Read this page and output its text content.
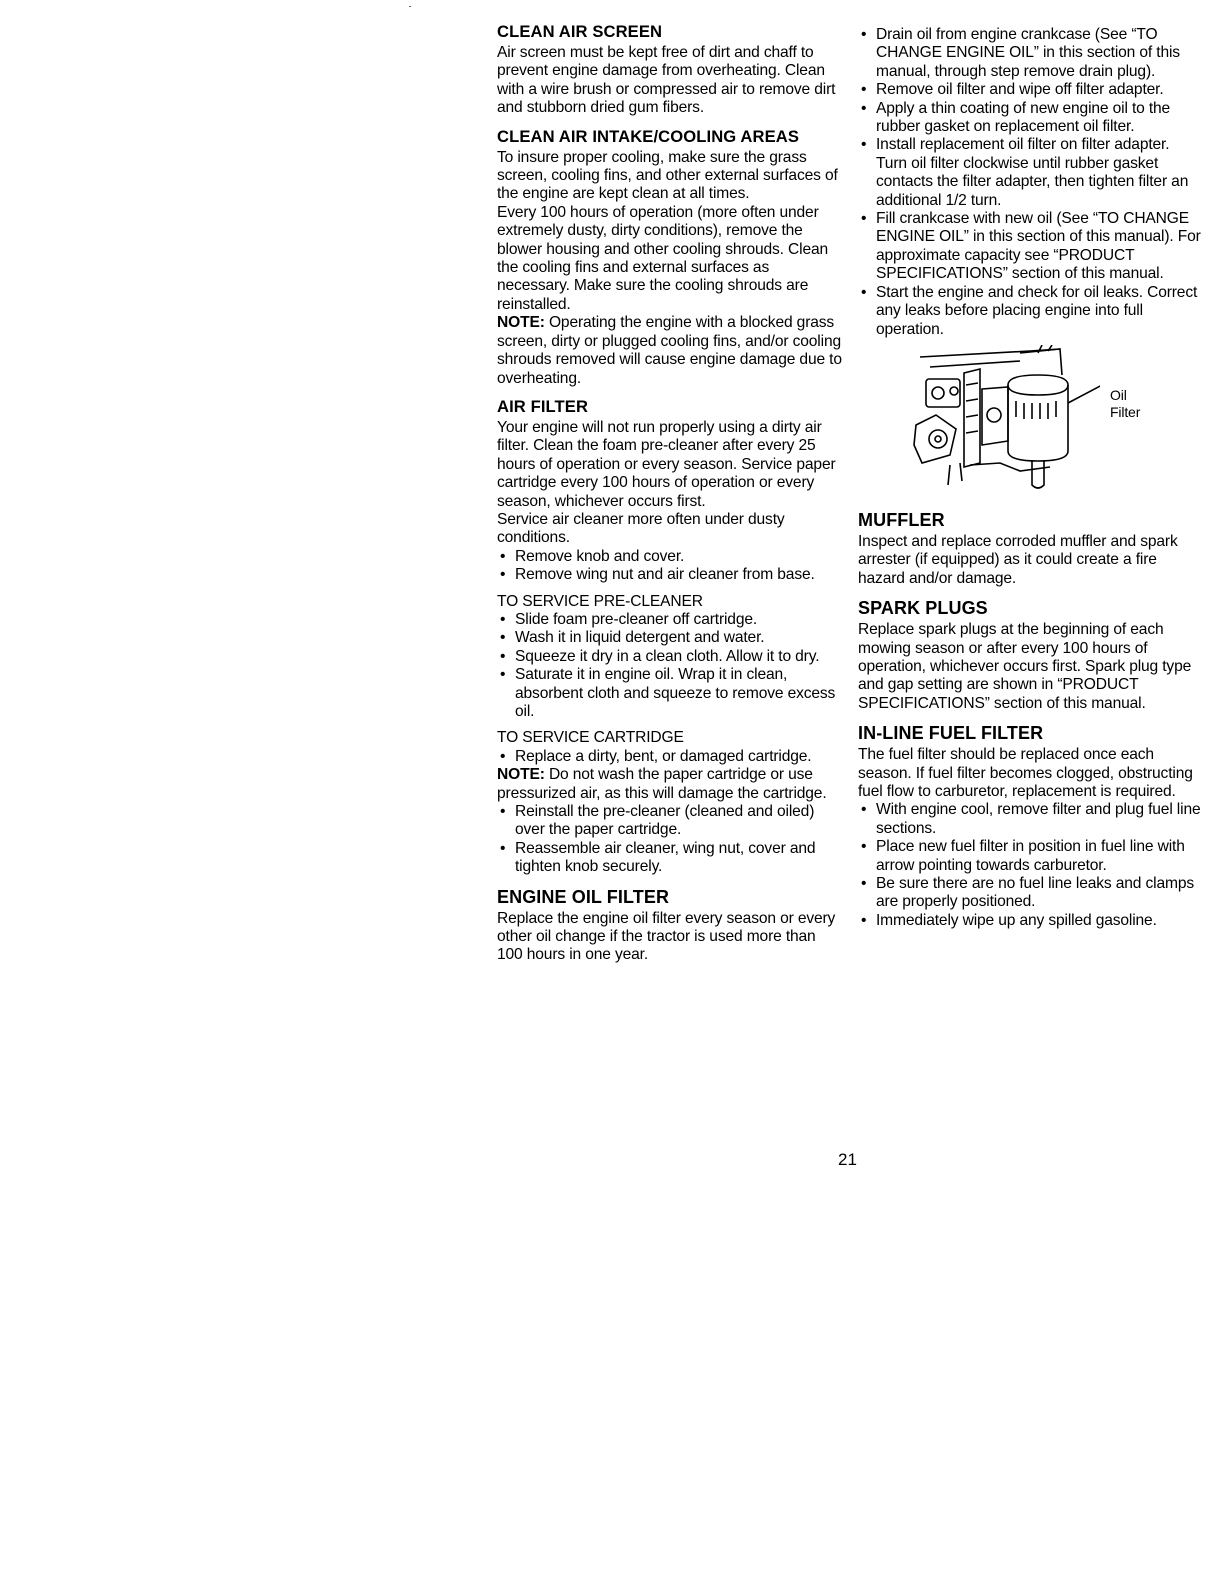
CLEAN AIR SCREEN

Air screen must be kept free of dirt and chaff to prevent engine damage from overheating. Clean with a wire brush or compressed air to remove dirt and stubborn dried gum fibers.

CLEAN AIR INTAKE/COOLING AREAS

To insure proper cooling, make sure the grass screen, cooling fins, and other external surfaces of the engine are kept clean at all times.

Every 100 hours of operation (more often under extremely dusty, dirty conditions), remove the blower housing and other cooling shrouds. Clean the cooling fins and external surfaces as necessary. Make sure the cooling shrouds are reinstalled.

NOTE: Operating the engine with a blocked grass screen, dirty or plugged cooling fins, and/or cooling shrouds removed will cause engine damage due to overheating.

AIR FILTER

Your engine will not run properly using a dirty air filter. Clean the foam pre-cleaner after every 25 hours of operation or every season. Service paper cartridge every 100 hours of operation or every season, whichever occurs first.

Service air cleaner more often under dusty conditions.

• Remove knob and cover.
• Remove wing nut and air cleaner from base.

TO SERVICE PRE-CLEANER

• Slide foam pre-cleaner off cartridge.
• Wash it in liquid detergent and water.
• Squeeze it dry in a clean cloth. Allow it to dry.
• Saturate it in engine oil. Wrap it in clean, absorbent cloth and squeeze to remove excess oil.

TO SERVICE CARTRIDGE

• Replace a dirty, bent, or damaged cartridge.

NOTE: Do not wash the paper cartridge or use pressurized air, as this will damage the cartridge.

• Reinstall the pre-cleaner (cleaned and oiled) over the paper cartridge.
• Reassemble air cleaner, wing nut, cover and tighten knob securely.
ENGINE OIL FILTER

Replace the engine oil filter every season or every other oil change if the tractor is used more than 100 hours in one year.

• Drain oil from engine crankcase (See “TO CHANGE ENGINE OIL” in this section of this manual, through step remove drain plug).
• Remove oil filter and wipe off filter adapter.
• Apply a thin coating of new engine oil to the rubber gasket on replacement oil filter.
• Install replacement oil filter on filter adapter. Turn oil filter clockwise until rubber gasket contacts the filter adapter, then tighten filter an additional 1/2 turn.
• Fill crankcase with new oil (See “TO CHANGE ENGINE OIL” in this section of this manual). For approximate capacity see “PRODUCT SPECIFICATIONS” section of this manual.
• Start the engine and check for oil leaks. Correct any leaks before placing engine into full operation.
Oil
Filter
MUFFLER

Inspect and replace corroded muffler and spark arrester (if equipped) as it could create a fire hazard and/or damage.

SPARK PLUGS

Replace spark plugs at the beginning of each mowing season or after every 100 hours of operation, whichever occurs first. Spark plug type and gap setting are shown in “PRODUCT SPECIFICATIONS” section of this manual.

IN-LINE FUEL FILTER

The fuel filter should be replaced once each season. If fuel filter becomes clogged, obstructing fuel flow to carburetor, replacement is required.

• With engine cool, remove filter and plug fuel line sections.
• Place new fuel filter in position in fuel line with arrow pointing towards carburetor.
• Be sure there are no fuel line leaks and clamps are properly positioned.
• Immediately wipe up any spilled gasoline.
21
